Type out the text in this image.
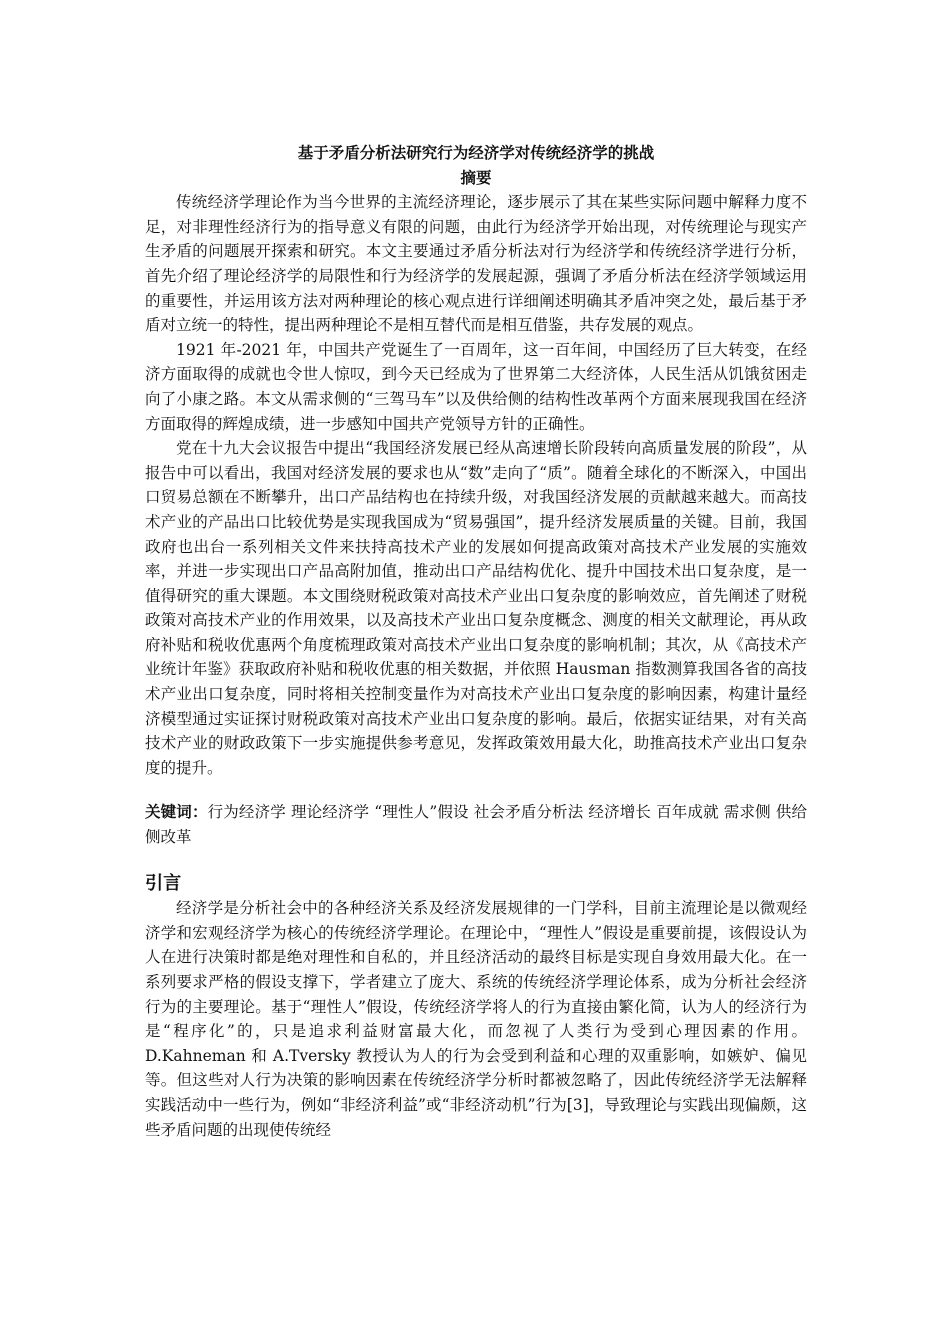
基于矛盾分析法研究行为经济学对传统经济学的挑战
摘要

传统经济学理论作为当今世界的主流经济理论，逐步展示了其在某些实际问题中解释力度不足，对非理性经济行为的指导意义有限的问题，由此行为经济学开始出现，对传统理论与现实产生矛盾的问题展开探索和研究。本文主要通过矛盾分析法对行为经济学和传统经济学进行分析，首先介绍了理论经济学的局限性和行为经济学的发展起源，强调了矛盾分析法在经济学领域运用的重要性，并运用该方法对两种理论的核心观点进行详细阐述明确其矛盾冲突之处，最后基于矛盾对立统一的特性，提出两种理论不是相互替代而是相互借鉴，共存发展的观点。

1921 年-2021 年，中国共产党诞生了一百周年，这一百年间，中国经历了巨大转变，在经济方面取得的成就也令世人惊叹，到今天已经成为了世界第二大经济体，人民生活从饥饿贫困走向了小康之路。本文从需求侧的“三驾马车”以及供给侧的结构性改革两个方面来展现我国在经济方面取得的辉煌成绩，进一步感知中国共产党领导方针的正确性。

党在十九大会议报告中提出“我国经济发展已经从高速增长阶段转向高质量发展的阶段”，从报告中可以看出，我国对经济发展的要求也从“数”走向了“质”。随着全球化的不断深入，中国出口贸易总额在不断攀升，出口产品结构也在持续升级，对我国经济发展的贡献越来越大。而高技术产业的产品出口比较优势是实现我国成为“贸易强国”，提升经济发展质量的关键。目前，我国政府也出台一系列相关文件来扶持高技术产业的发展如何提高政策对高技术产业发展的实施效率，并进一步实现出口产品高附加值，推动出口产品结构优化、提升中国技术出口复杂度，是一值得研究的重大课题。本文围绕财税政策对高技术产业出口复杂度的影响效应，首先阐述了财税政策对高技术产业的作用效果，以及高技术产业出口复杂度概念、测度的相关文献理论，再从政府补贴和税收优惠两个角度梳理政策对高技术产业出口复杂度的影响机制；其次，从《高技术产业统计年鉴》获取政府补贴和税收优惠的相关数据，并依照 Hausman 指数测算我国各省的高技术产业出口复杂度，同时将相关控制变量作为对高技术产业出口复杂度的影响因素，构建计量经济模型通过实证探讨财税政策对高技术产业出口复杂度的影响。最后，依据实证结果，对有关高技术产业的财政政策下一步实施提供参考意见，发挥政策效用最大化，助推高技术产业出口复杂度的提升。

关键词：行为经济学 理论经济学 “理性人”假设 社会矛盾分析法 经济增长 百年成就 需求侧 供给侧改革

引言

经济学是分析社会中的各种经济关系及经济发展规律的一门学科，目前主流理论是以微观经济学和宏观经济学为核心的传统经济学理论。在理论中，“理性人”假设是重要前提，该假设认为人在进行决策时都是绝对理性和自私的，并且经济活动的最终目标是实现自身效用最大化。在一系列要求严格的假设支撑下，学者建立了庞大、系统的传统经济学理论体系，成为分析社会经济行为的主要理论。基于“理性人”假设，传统经济学将人的行为直接由繁化简，认为人的经济行为是“程序化”的，只是追求利益财富最大化，而忽视了人类行为受到心理因素的作用。D.Kahneman 和 A.Tversky 教授认为人的行为会受到利益和心理的双重影响，如嫉妒、偏见等。但这些对人行为决策的影响因素在传统经济学分析时都被忽略了，因此传统经济学无法解释实践活动中一些行为，例如“非经济利益”或“非经济动机”行为[3]，导致理论与实践出现偏颇，这些矛盾问题的出现使传统经
